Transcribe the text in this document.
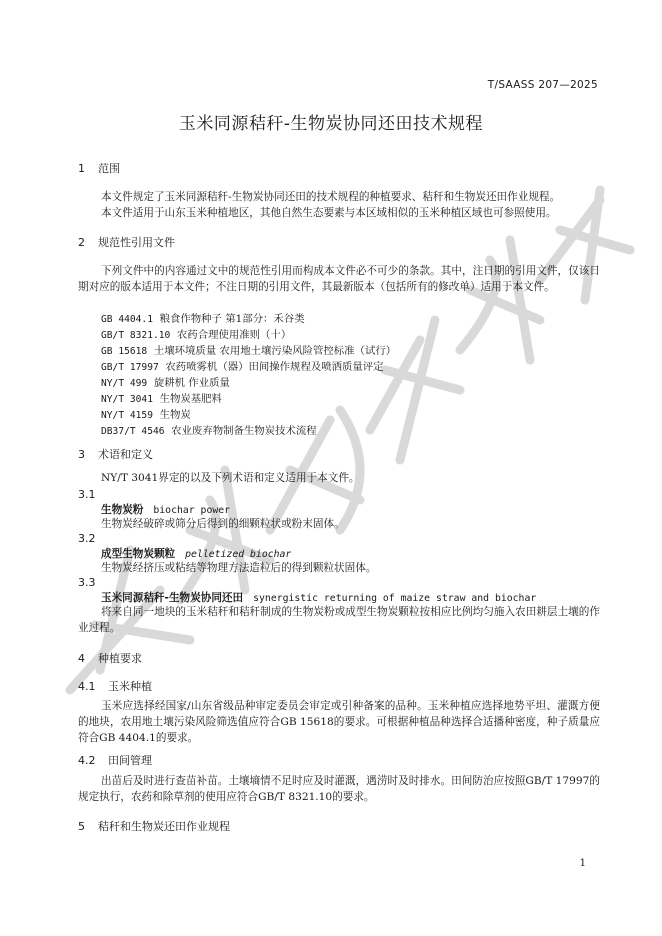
T/SAASS 207—2025
玉米同源秸秆-生物炭协同还田技术规程
1 范围
本文件规定了玉米同源秸秆-生物炭协同还田的技术规程的种植要求、秸秆和生物炭还田作业规程。
本文件适用于山东玉米种植地区，其他自然生态要素与本区域相似的玉米种植区域也可参照使用。
2 规范性引用文件
下列文件中的内容通过文中的规范性引用而构成本文件必不可少的条款。其中，注日期的引用文件，仅该日期对应的版本适用于本文件；不注日期的引用文件，其最新版本（包括所有的修改单）适用于本文件。
GB 4404.1 粮食作物种子 第1部分：禾谷类
GB/T 8321.10 农药合理使用准则（十）
GB 15618 土壤环境质量 农用地土壤污染风险管控标准（试行）
GB/T 17997 农药喷雾机（器）田间操作规程及喷洒质量评定
NY/T 499 旋耕机 作业质量
NY/T 3041 生物炭基肥料
NY/T 4159 生物炭
DB37/T 4546 农业废弃物制备生物炭技术流程
3 术语和定义
NY/T 3041界定的以及下列术语和定义适用于本文件。
3.1
生物炭粉 biochar power
生物炭经破碎或筛分后得到的细颗粒状或粉末固体。
3.2
成型生物炭颗粒 pelletized biochar
生物炭经挤压或粘结等物理方法造粒后的得到颗粒状固体。
3.3
玉米同源秸秆-生物炭协同还田 synergistic returning of maize straw and biochar
将来自同一地块的玉米秸秆和秸秆制成的生物炭粉或成型生物炭颗粒按相应比例均匀施入农田耕层土壤的作业过程。
4 种植要求
4.1 玉米种植
玉米应选择经国家/山东省级品种审定委员会审定或引种备案的品种。玉米种植应选择地势平坦、灌溉方便的地块，农用地土壤污染风险筛选值应符合GB 15618的要求。可根据种植品种选择合适播种密度，种子质量应符合GB 4404.1的要求。
4.2 田间管理
出苗后及时进行查苗补苗。土壤墒情不足时应及时灌溉，遇涝时及时排水。田间防治应按照GB/T 17997的规定执行，农药和除草剂的使用应符合GB/T 8321.10的要求。
5 秸秆和生物炭还田作业规程
1
